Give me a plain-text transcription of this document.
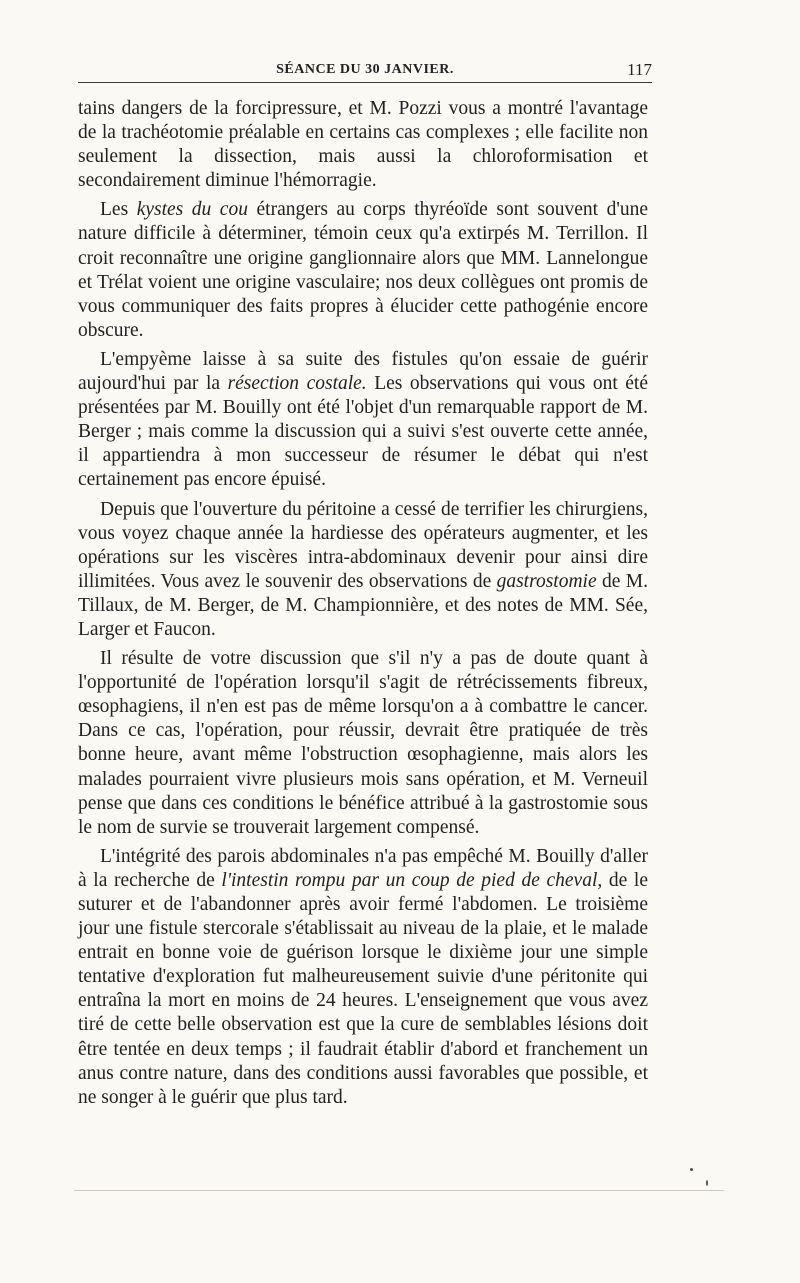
SÉANCE DU 30 JANVIER.	117

tains dangers de la forcipressure, et M. Pozzi vous a montré l'avantage de la trachéotomie préalable en certains cas complexes ; elle facilite non seulement la dissection, mais aussi la chloroformisation et secondairement diminue l'hémorragie.

Les kystes du cou étrangers au corps thyréoïde sont souvent d'une nature difficile à déterminer, témoin ceux qu'a extirpés M. Terrillon. Il croit reconnaître une origine ganglionnaire alors que MM. Lannelongue et Trélat voient une origine vasculaire; nos deux collègues ont promis de vous communiquer des faits propres à élucider cette pathogénie encore obscure.

L'empyème laisse à sa suite des fistules qu'on essaie de guérir aujourd'hui par la résection costale. Les observations qui vous ont été présentées par M. Bouilly ont été l'objet d'un remarquable rapport de M. Berger ; mais comme la discussion qui a suivi s'est ouverte cette année, il appartiendra à mon successeur de résumer le débat qui n'est certainement pas encore épuisé.

Depuis que l'ouverture du péritoine a cessé de terrifier les chirurgiens, vous voyez chaque année la hardiesse des opérateurs augmenter, et les opérations sur les viscères intra-abdominaux devenir pour ainsi dire illimitées. Vous avez le souvenir des observations de gastrostomie de M. Tillaux, de M. Berger, de M. Championnière, et des notes de MM. Sée, Larger et Faucon.

Il résulte de votre discussion que s'il n'y a pas de doute quant à l'opportunité de l'opération lorsqu'il s'agit de rétrécissements fibreux, œsophagiens, il n'en est pas de même lorsqu'on a à combattre le cancer. Dans ce cas, l'opération, pour réussir, devrait être pratiquée de très bonne heure, avant même l'obstruction œsophagienne, mais alors les malades pourraient vivre plusieurs mois sans opération, et M. Verneuil pense que dans ces conditions le bénéfice attribué à la gastrostomie sous le nom de survie se trouverait largement compensé.

L'intégrité des parois abdominales n'a pas empêché M. Bouilly d'aller à la recherche de l'intestin rompu par un coup de pied de cheval, de le suturer et de l'abandonner après avoir fermé l'abdomen. Le troisième jour une fistule stercorale s'établissait au niveau de la plaie, et le malade entrait en bonne voie de guérison lorsque le dixième jour une simple tentative d'exploration fut malheureusement suivie d'une péritonite qui entraîna la mort en moins de 24 heures. L'enseignement que vous avez tiré de cette belle observation est que la cure de semblables lésions doit être tentée en deux temps ; il faudrait établir d'abord et franchement un anus contre nature, dans des conditions aussi favorables que possible, et ne songer à le guérir que plus tard.
